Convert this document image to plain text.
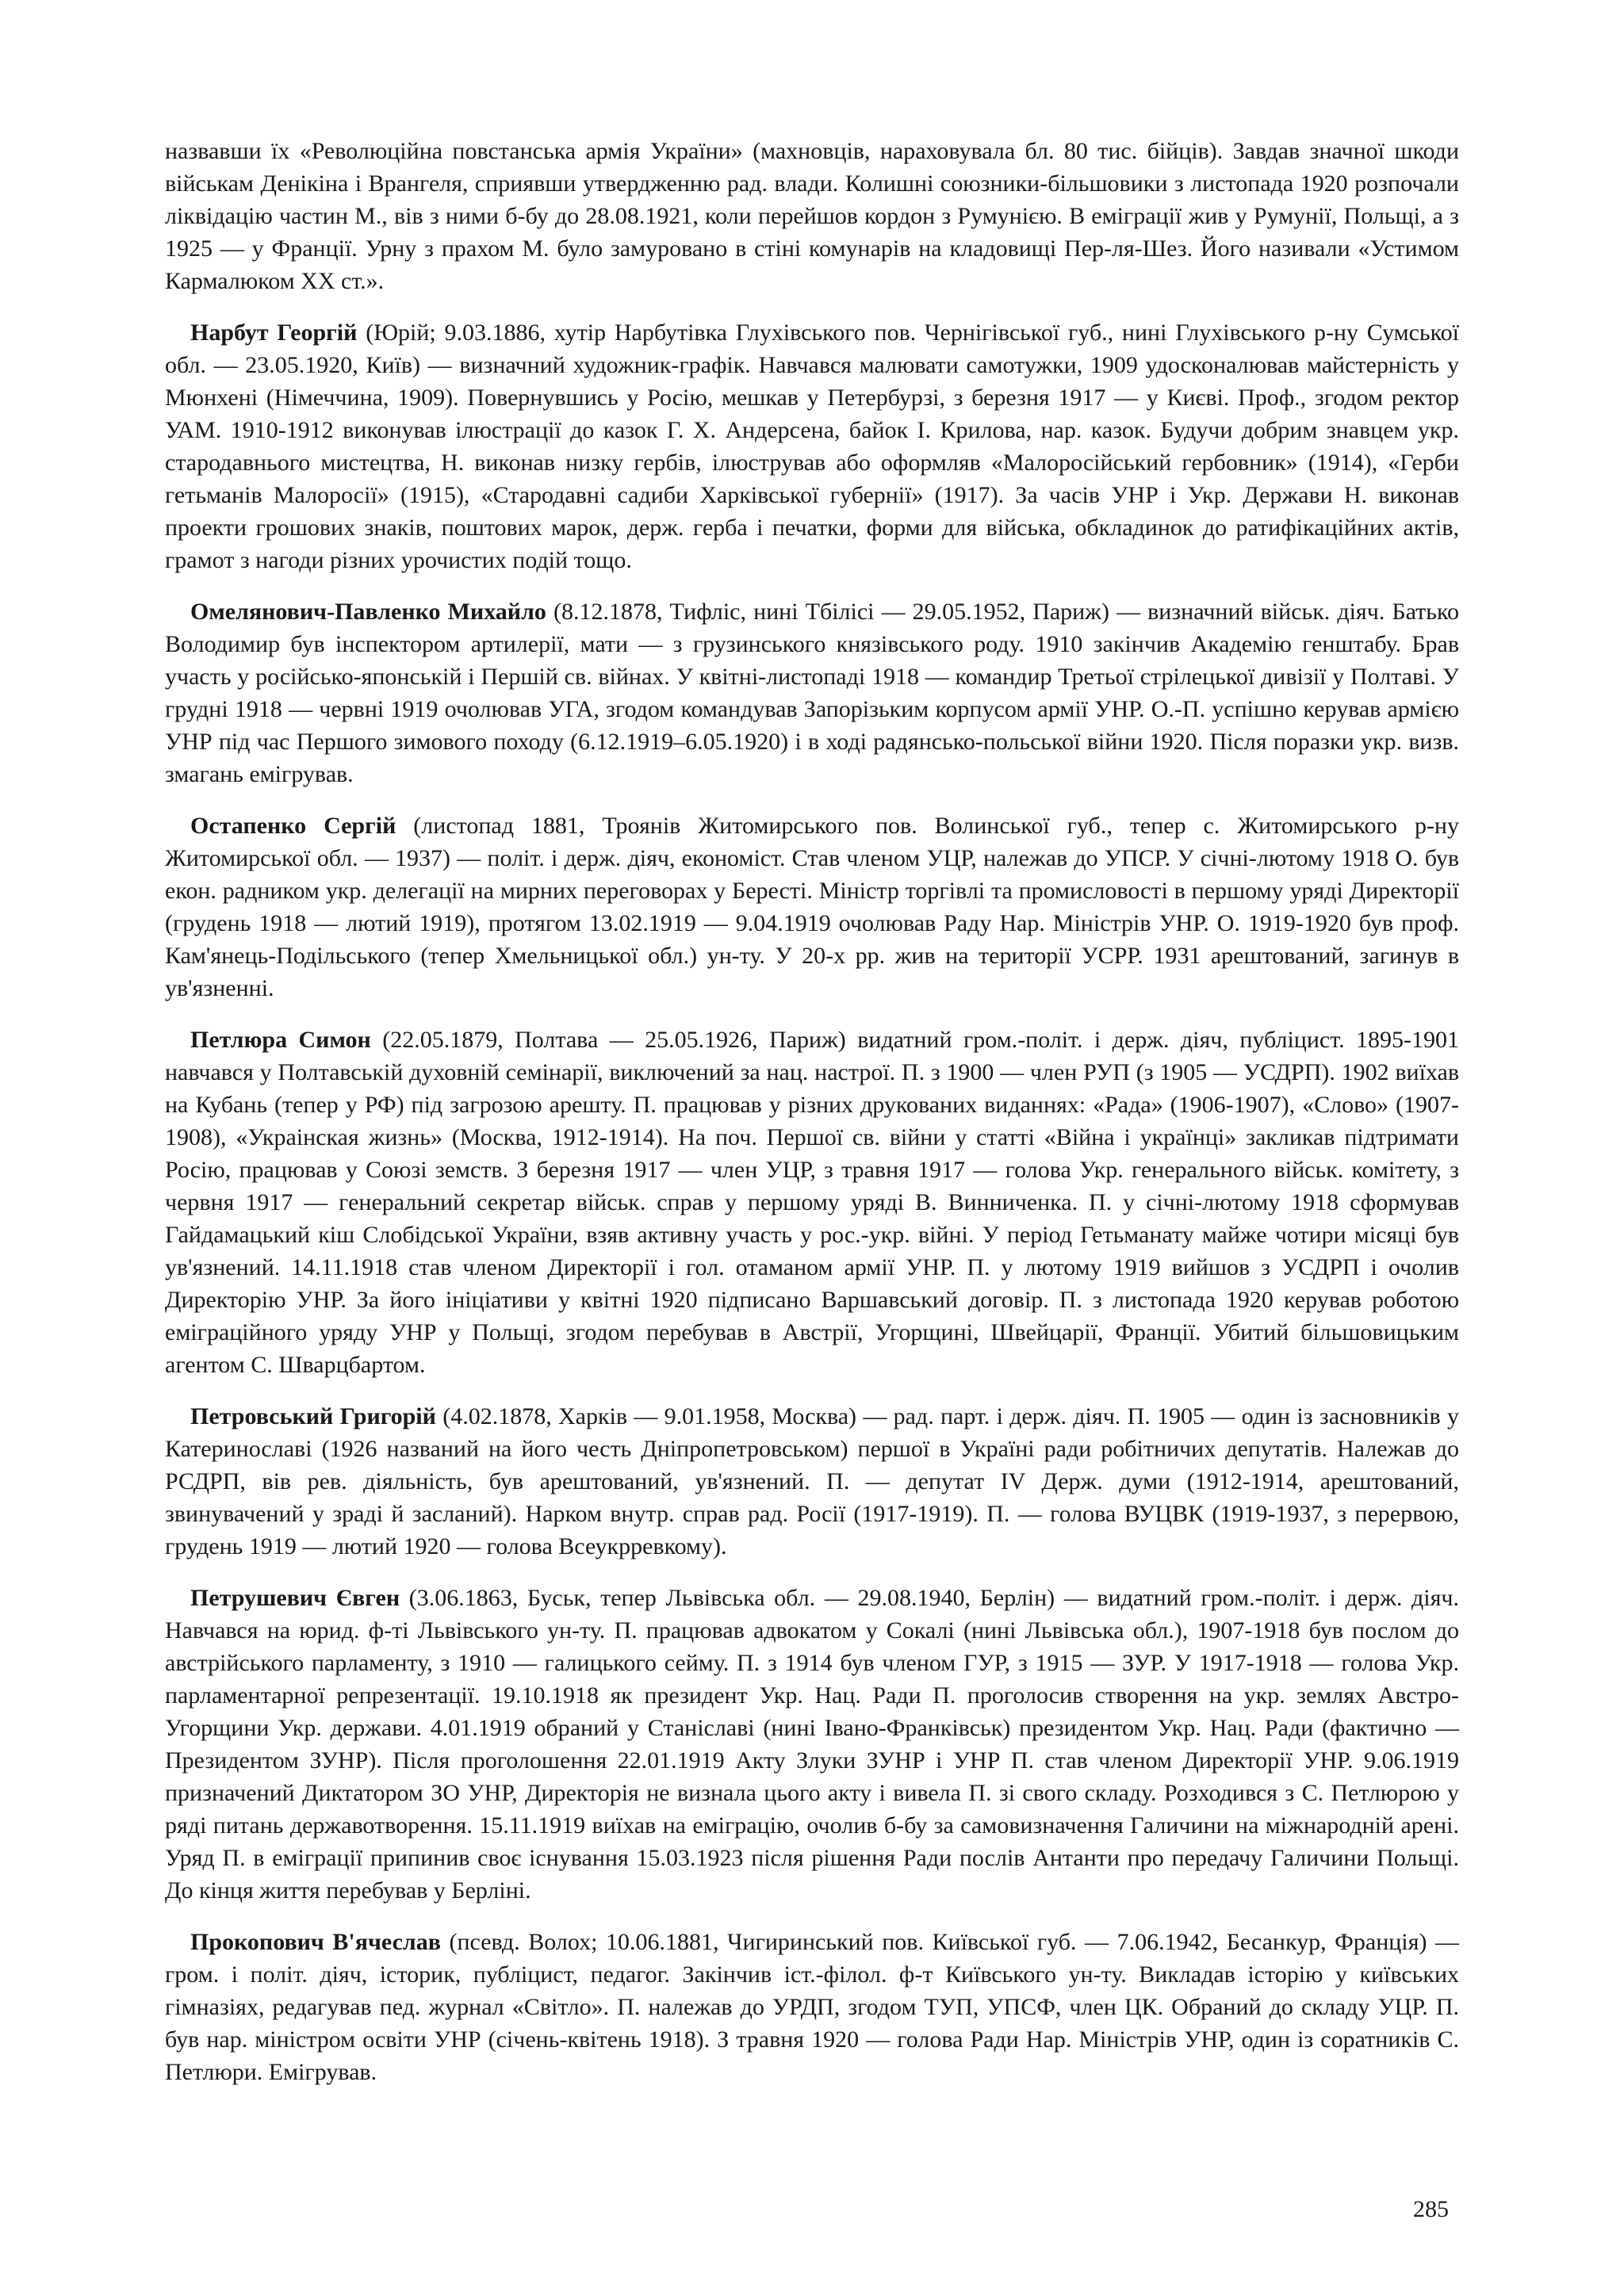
назвавши їх «Революційна повстанська армія України» (махновців, нараховувала бл. 80 тис. бійців). Завдав значної шкоди військам Денікіна і Врангеля, сприявши утвердженню рад. влади. Колишні союзники-більшовики з листопада 1920 розпочали ліквідацію частин М., вів з ними б-бу до 28.08.1921, коли перейшов кордон з Румунією. В еміграції жив у Румунії, Польщі, а з 1925 — у Франції. Урну з прахом М. було замуровано в стіні комунарів на кладовищі Пер-ля-Шез. Його називали «Устимом Кармалюком ХХ ст.».

Нарбут Георгій (Юрій; 9.03.1886, хутір Нарбутівка Глухівського пов. Чернігівської губ., нині Глухівського р-ну Сумської обл. — 23.05.1920, Київ) — визначний художник-графік. Навчався малювати самотужки, 1909 удосконалював майстерність у Мюнхені (Німеччина, 1909). Повернувшись у Росію, мешкав у Петербурзі, з березня 1917 — у Києві. Проф., згодом ректор УАМ. 1910-1912 виконував ілюстрації до казок Г. Х. Андерсена, байок І. Крилова, нар. казок. Будучи добрим знавцем укр. стародавнього мистецтва, Н. виконав низку гербів, ілюстрував або оформляв «Малоросійський гербовник» (1914), «Герби гетьманів Малоросії» (1915), «Стародавні садиби Харківської губернії» (1917). За часів УНР і Укр. Держави Н. виконав проекти грошових знаків, поштових марок, держ. герба і печатки, форми для війська, обкладинок до ратифікаційних актів, грамот з нагоди різних урочистих подій тощо.

Омелянович-Павленко Михайло (8.12.1878, Тифліс, нині Тбілісі — 29.05.1952, Париж) — визначний військ. діяч. Батько Володимир був інспектором артилерії, мати — з грузинського князівського роду. 1910 закінчив Академію генштабу. Брав участь у російсько-японській і Першій св. війнах. У квітні-листопаді 1918 — командир Третьої стрілецької дивізії у Полтаві. У грудні 1918 — червні 1919 очолював УГА, згодом командував Запорізьким корпусом армії УНР. О.-П. успішно керував армією УНР під час Першого зимового походу (6.12.1919–6.05.1920) і в ході радянсько-польської війни 1920. Після поразки укр. визв. змагань емігрував.

Остапенко Сергій (листопад 1881, Троянів Житомирського пов. Волинської губ., тепер с. Житомирського р-ну Житомирської обл. — 1937) — політ. і держ. діяч, економіст. Став членом УЦР, належав до УПСР. У січні-лютому 1918 О. був екон. радником укр. делегації на мирних переговорах у Бересті. Міністр торгівлі та промисловості в першому уряді Директорії (грудень 1918 — лютий 1919), протягом 13.02.1919 — 9.04.1919 очолював Раду Нар. Міністрів УНР. О. 1919-1920 був проф. Кам'янець-Подільського (тепер Хмельницької обл.) ун-ту. У 20-х рр. жив на території УСРР. 1931 арештований, загинув в ув'язненні.

Петлюра Симон (22.05.1879, Полтава — 25.05.1926, Париж) видатний гром.-політ. і держ. діяч, публіцист. 1895-1901 навчався у Полтавській духовній семінарії, виключений за нац. настрої. П. з 1900 — член РУП (з 1905 — УСДРП). 1902 виїхав на Кубань (тепер у РФ) під загрозою арешту. П. працював у різних друкованих виданнях: «Рада» (1906-1907), «Слово» (1907-1908), «Украінская жизнь» (Москва, 1912-1914). На поч. Першої св. війни у статті «Війна і українці» закликав підтримати Росію, працював у Союзі земств. З березня 1917 — член УЦР, з травня 1917 — голова Укр. генерального військ. комітету, з червня 1917 — генеральний секретар військ. справ у першому уряді В. Винниченка. П. у січні-лютому 1918 сформував Гайдамацький кіш Слобідської України, взяв активну участь у рос.-укр. війні. У період Гетьманату майже чотири місяці був ув'язнений. 14.11.1918 став членом Директорії і гол. отаманом армії УНР. П. у лютому 1919 вийшов з УСДРП і очолив Директорію УНР. За його ініціативи у квітні 1920 підписано Варшавський договір. П. з листопада 1920 керував роботою еміграційного уряду УНР у Польщі, згодом перебував в Австрії, Угорщині, Швейцарії, Франції. Убитий більшовицьким агентом С. Шварцбартом.

Петровський Григорій (4.02.1878, Харків — 9.01.1958, Москва) — рад. парт. і держ. діяч. П. 1905 — один із засновників у Катеринославі (1926 названий на його честь Дніпропетровськом) першої в Україні ради робітничих депутатів. Належав до РСДРП, вів рев. діяльність, був арештований, ув'язнений. П. — депутат IV Держ. думи (1912-1914, арештований, звинувачений у зраді й засланий). Нарком внутр. справ рад. Росії (1917-1919). П. — голова ВУЦВК (1919-1937, з перервою, грудень 1919 — лютий 1920 — голова Всеукрревкому).

Петрушевич Євген (3.06.1863, Буськ, тепер Львівська обл. — 29.08.1940, Берлін) — видатний гром.-політ. і держ. діяч. Навчався на юрид. ф-ті Львівського ун-ту. П. працював адвокатом у Сокалі (нині Львівська обл.), 1907-1918 був послом до австрійського парламенту, з 1910 — галицького сейму. П. з 1914 був членом ГУР, з 1915 — ЗУР. У 1917-1918 — голова Укр. парламентарної репрезентації. 19.10.1918 як президент Укр. Нац. Ради П. проголосив створення на укр. землях Австро-Угорщини Укр. держави. 4.01.1919 обраний у Станіславі (нині Івано-Франківськ) президентом Укр. Нац. Ради (фактично — Президентом ЗУНР). Після проголошення 22.01.1919 Акту Злуки ЗУНР і УНР П. став членом Директорії УНР. 9.06.1919 призначений Диктатором ЗО УНР, Директорія не визнала цього акту і вивела П. зі свого складу. Розходився з С. Петлюрою у ряді питань державотворення. 15.11.1919 виїхав на еміграцію, очолив б-бу за самовизначення Галичини на міжнародній арені. Уряд П. в еміграції припинив своє існування 15.03.1923 після рішення Ради послів Антанти про передачу Галичини Польщі. До кінця життя перебував у Берліні.

Прокопович В'ячеслав (псевд. Волох; 10.06.1881, Чигиринський пов. Київської губ. — 7.06.1942, Бесанкур, Франція) — гром. і політ. діяч, історик, публіцист, педагог. Закінчив іст.-філол. ф-т Київського ун-ту. Викладав історію у київських гімназіях, редагував пед. журнал «Світло». П. належав до УРДП, згодом ТУП, УПСФ, член ЦК. Обраний до складу УЦР. П. був нар. міністром освіти УНР (січень-квітень 1918). З травня 1920 — голова Ради Нар. Міністрів УНР, один із соратників С. Петлюри. Емігрував.

285
